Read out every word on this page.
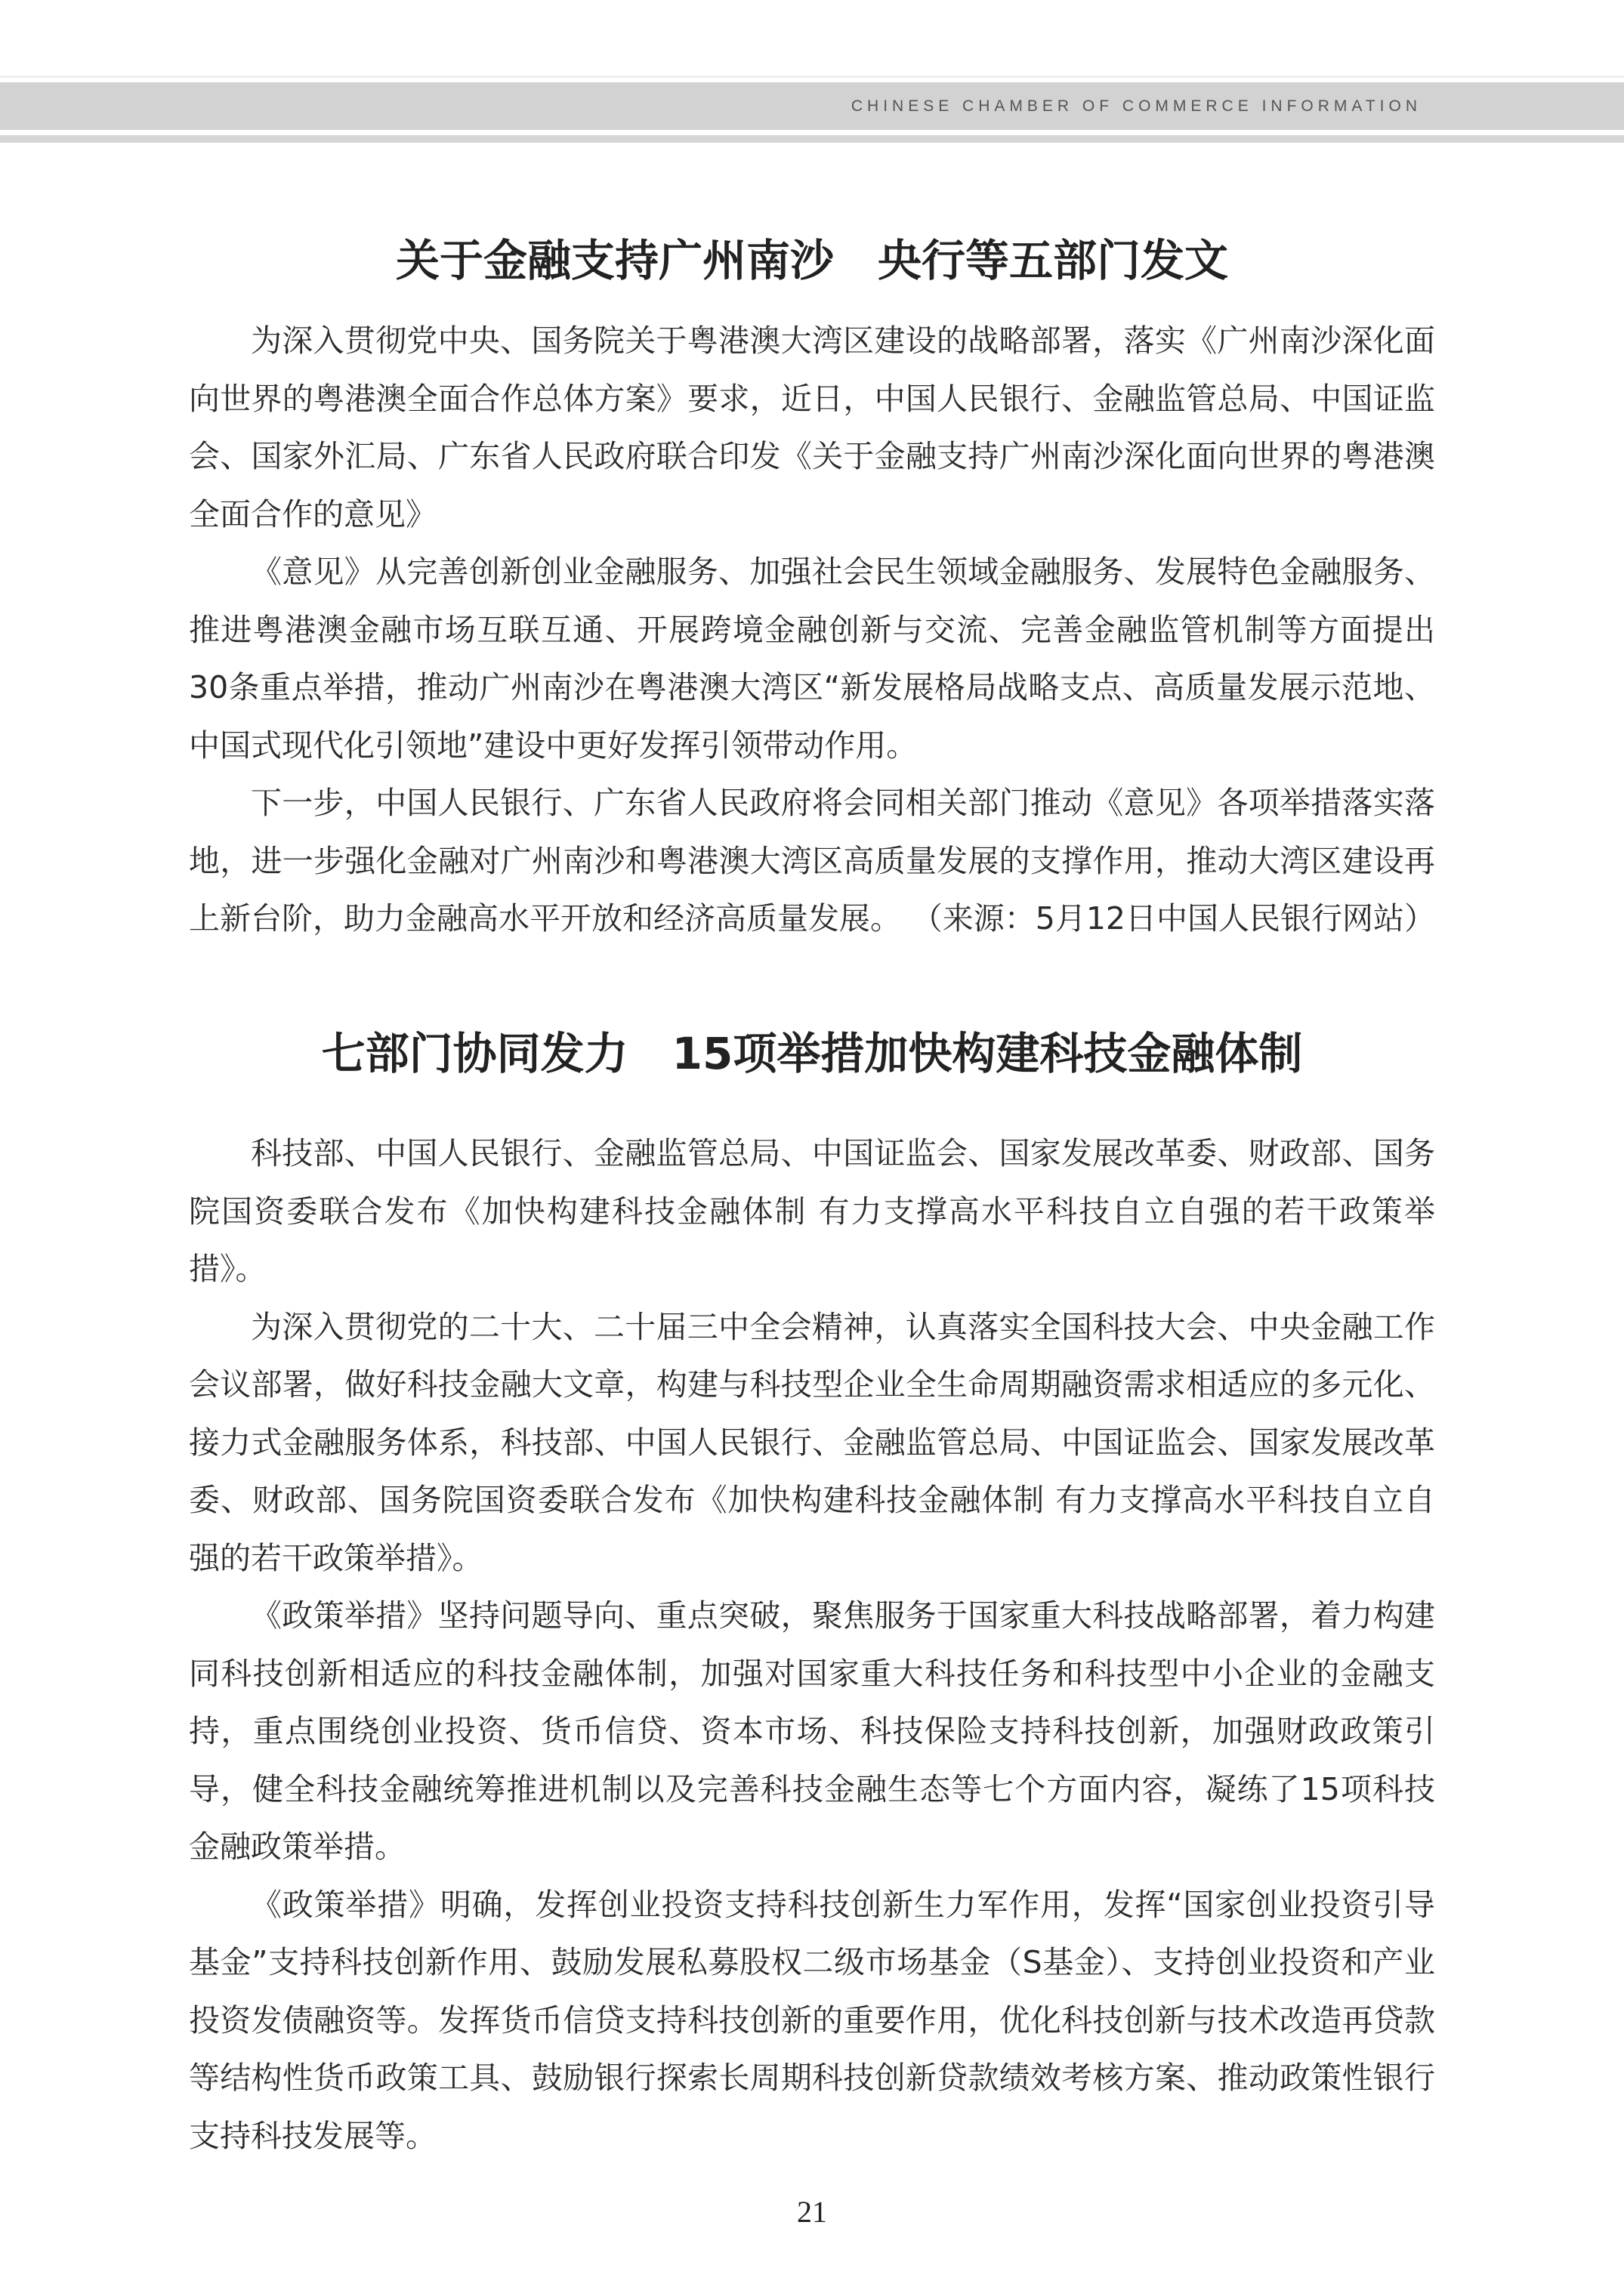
CHINESE CHAMBER OF COMMERCE INFORMATION
关于金融支持广州南沙　央行等五部门发文

为深入贯彻党中央、国务院关于粤港澳大湾区建设的战略部署，落实《广州南沙深化面向世界的粤港澳全面合作总体方案》要求，近日，中国人民银行、金融监管总局、中国证监会、国家外汇局、广东省人民政府联合印发《关于金融支持广州南沙深化面向世界的粤港澳全面合作的意见》

《意见》从完善创新创业金融服务、加强社会民生领域金融服务、发展特色金融服务、推进粤港澳金融市场互联互通、开展跨境金融创新与交流、完善金融监管机制等方面提出30条重点举措，推动广州南沙在粤港澳大湾区“新发展格局战略支点、高质量发展示范地、中国式现代化引领地”建设中更好发挥引领带动作用。

下一步，中国人民银行、广东省人民政府将会同相关部门推动《意见》各项举措落实落地，进一步强化金融对广州南沙和粤港澳大湾区高质量发展的支撑作用，推动大湾区建设再上新台阶，助力金融高水平开放和经济高质量发展。 （来源：5月12日中国人民银行网站）

七部门协同发力　15项举措加快构建科技金融体制

科技部、中国人民银行、金融监管总局、中国证监会、国家发展改革委、财政部、国务院国资委联合发布《加快构建科技金融体制 有力支撑高水平科技自立自强的若干政策举措》。

为深入贯彻党的二十大、二十届三中全会精神，认真落实全国科技大会、中央金融工作会议部署，做好科技金融大文章，构建与科技型企业全生命周期融资需求相适应的多元化、接力式金融服务体系，科技部、中国人民银行、金融监管总局、中国证监会、国家发展改革委、财政部、国务院国资委联合发布《加快构建科技金融体制 有力支撑高水平科技自立自强的若干政策举措》。

《政策举措》坚持问题导向、重点突破，聚焦服务于国家重大科技战略部署，着力构建同科技创新相适应的科技金融体制，加强对国家重大科技任务和科技型中小企业的金融支持，重点围绕创业投资、货币信贷、资本市场、科技保险支持科技创新，加强财政政策引导，健全科技金融统筹推进机制以及完善科技金融生态等七个方面内容，凝练了15项科技金融政策举措。

《政策举措》明确，发挥创业投资支持科技创新生力军作用，发挥“国家创业投资引导基金”支持科技创新作用、鼓励发展私募股权二级市场基金（S基金）、支持创业投资和产业投资发债融资等。发挥货币信贷支持科技创新的重要作用，优化科技创新与技术改造再贷款等结构性货币政策工具、鼓励银行探索长周期科技创新贷款绩效考核方案、推动政策性银行支持科技发展等。

21
